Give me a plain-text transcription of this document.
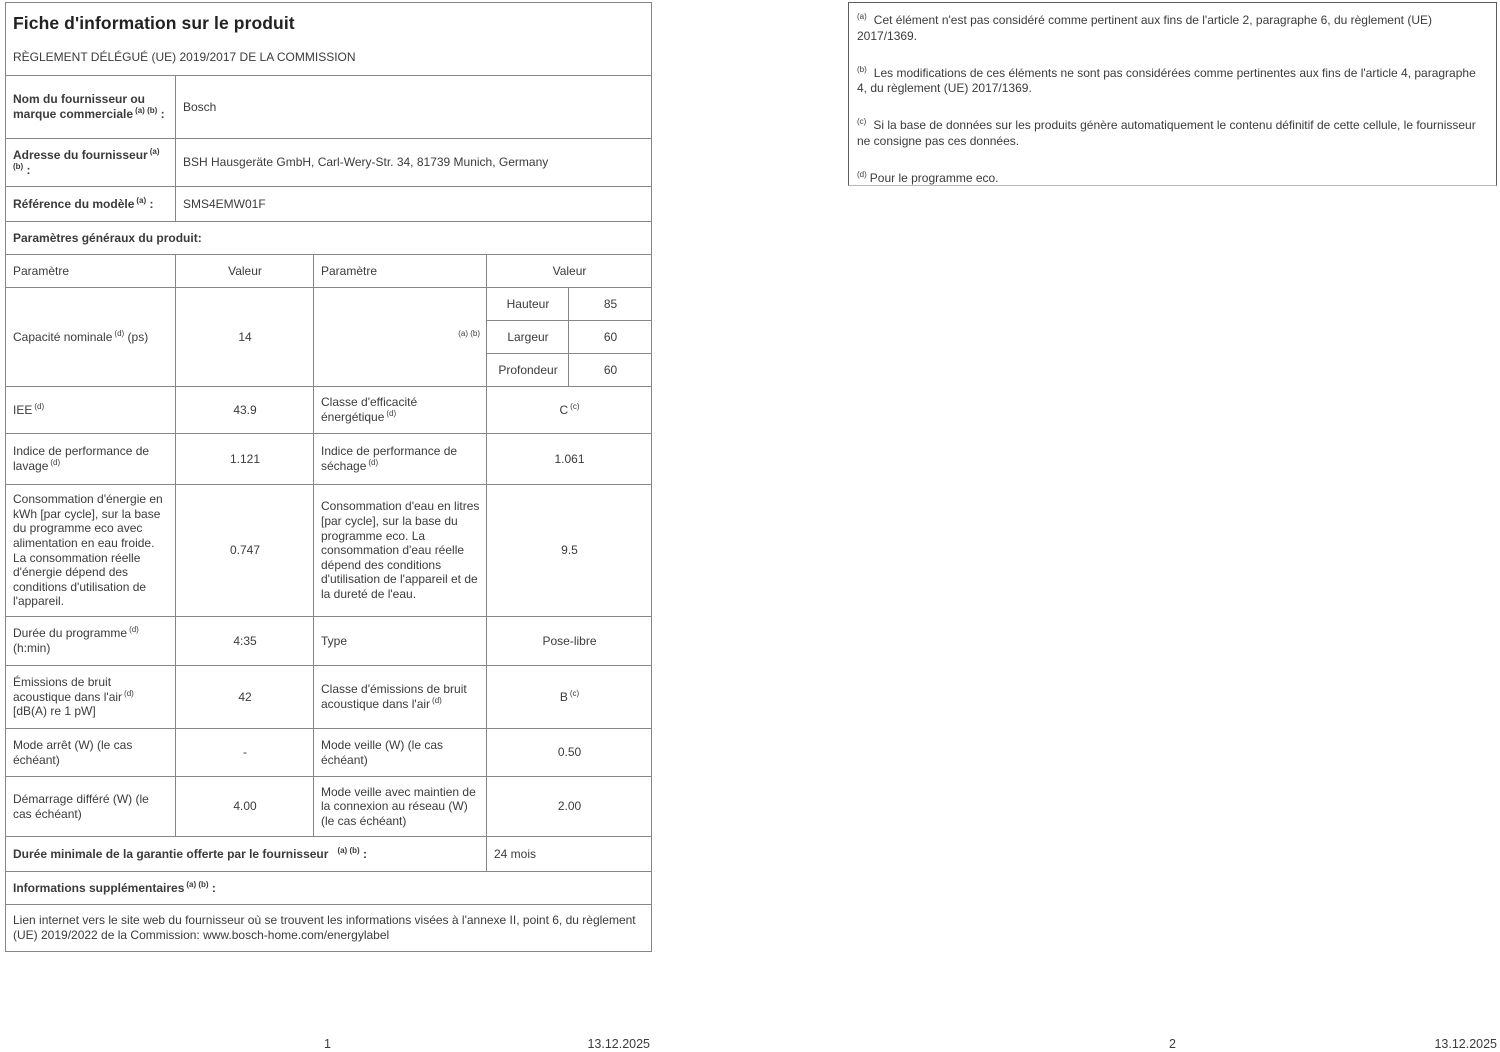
Fiche d'information sur le produit
RÈGLEMENT DÉLÉGUÉ (UE) 2019/2017 DE LA COMMISSION				

Nom du fournisseur ou marque commerciale $^{(a) (b)}$ :	Bosch			
Adresse du fournisseur $^{(a) (b)}$ :	BSH Hausgeräte GmbH, Carl-Wery-Str. 34, 81739 Munich, Germany			
Référence du modèle $^{(a)}$ :	SMS4EMW01F			
Paramètres généraux du produit:				
Paramètre	Valeur	Paramètre	Valeur	
Capacité nominale $^{(d)}$ (ps)	14	$^{(a) (b)}$	Hauteur	85
			Largeur	60
			Profondeur	60
IEE $^{(d)}$	43.9	Classe d'efficacité énergétique $^{(d)}$	C $^{(c)}$
Indice de performance de lavage $^{(d)}$	1.121	Indice de performance de séchage $^{(d)}$	1.061	
Consommation d'énergie en kWh [par cycle], sur la base du programme eco avec alimentation en eau froide. La consommation réelle d'énergie dépend des conditions d'utilisation de l'appareil.	0.747	Consommation d'eau en litres [par cycle], sur la base du programme eco. La consommation d'eau réelle dépend des conditions d'utilisation de l'appareil et de la dureté de l'eau.	9.5	
Durée du programme $^{(d)}$ (h:min)	4:35	Type	Pose-libre	
Émissions de bruit acoustique dans l'air $^{(d)}$ [dB(A) re 1 pW]	42	Classe d'émissions de bruit acoustique dans l'air $^{(d)}$	B $^{(c)}$
Mode arrêt (W) (le cas échéant)	-	Mode veille (W) (le cas échéant)	0.50	
Démarrage différé (W) (le cas échéant)	4.00	Mode veille avec maintien de la connexion au réseau (W) (le cas échéant)	2.00	
Durée minimale de la garantie offerte par le fournisseur $^{(a) (b)}$ :			24 mois	
Informations supplémentaires $^{(a) (b)}$ :				
Lien internet vers le site web du fournisseur où se trouvent les informations visées à l'annexe II, point 6, du règlement (UE) 2019/2022 de la Commission: www.bosch-home.com/energylabel				

$^{(a)}$ Cet élément n'est pas considéré comme pertinent aux fins de l'article 2, paragraphe 6, du règlement (UE) 2017/1369.

$^{(b)}$ Les modifications de ces éléments ne sont pas considérées comme pertinentes aux fins de l'article 4, paragraphe 4, du règlement (UE) 2017/1369.

$^{(c)}$ Si la base de données sur les produits génère automatiquement le contenu définitif de cette cellule, le fournisseur ne consigne pas ces données.

$^{(d)}$ Pour le programme eco.

1	13.12.2025	2	13.12.2025
